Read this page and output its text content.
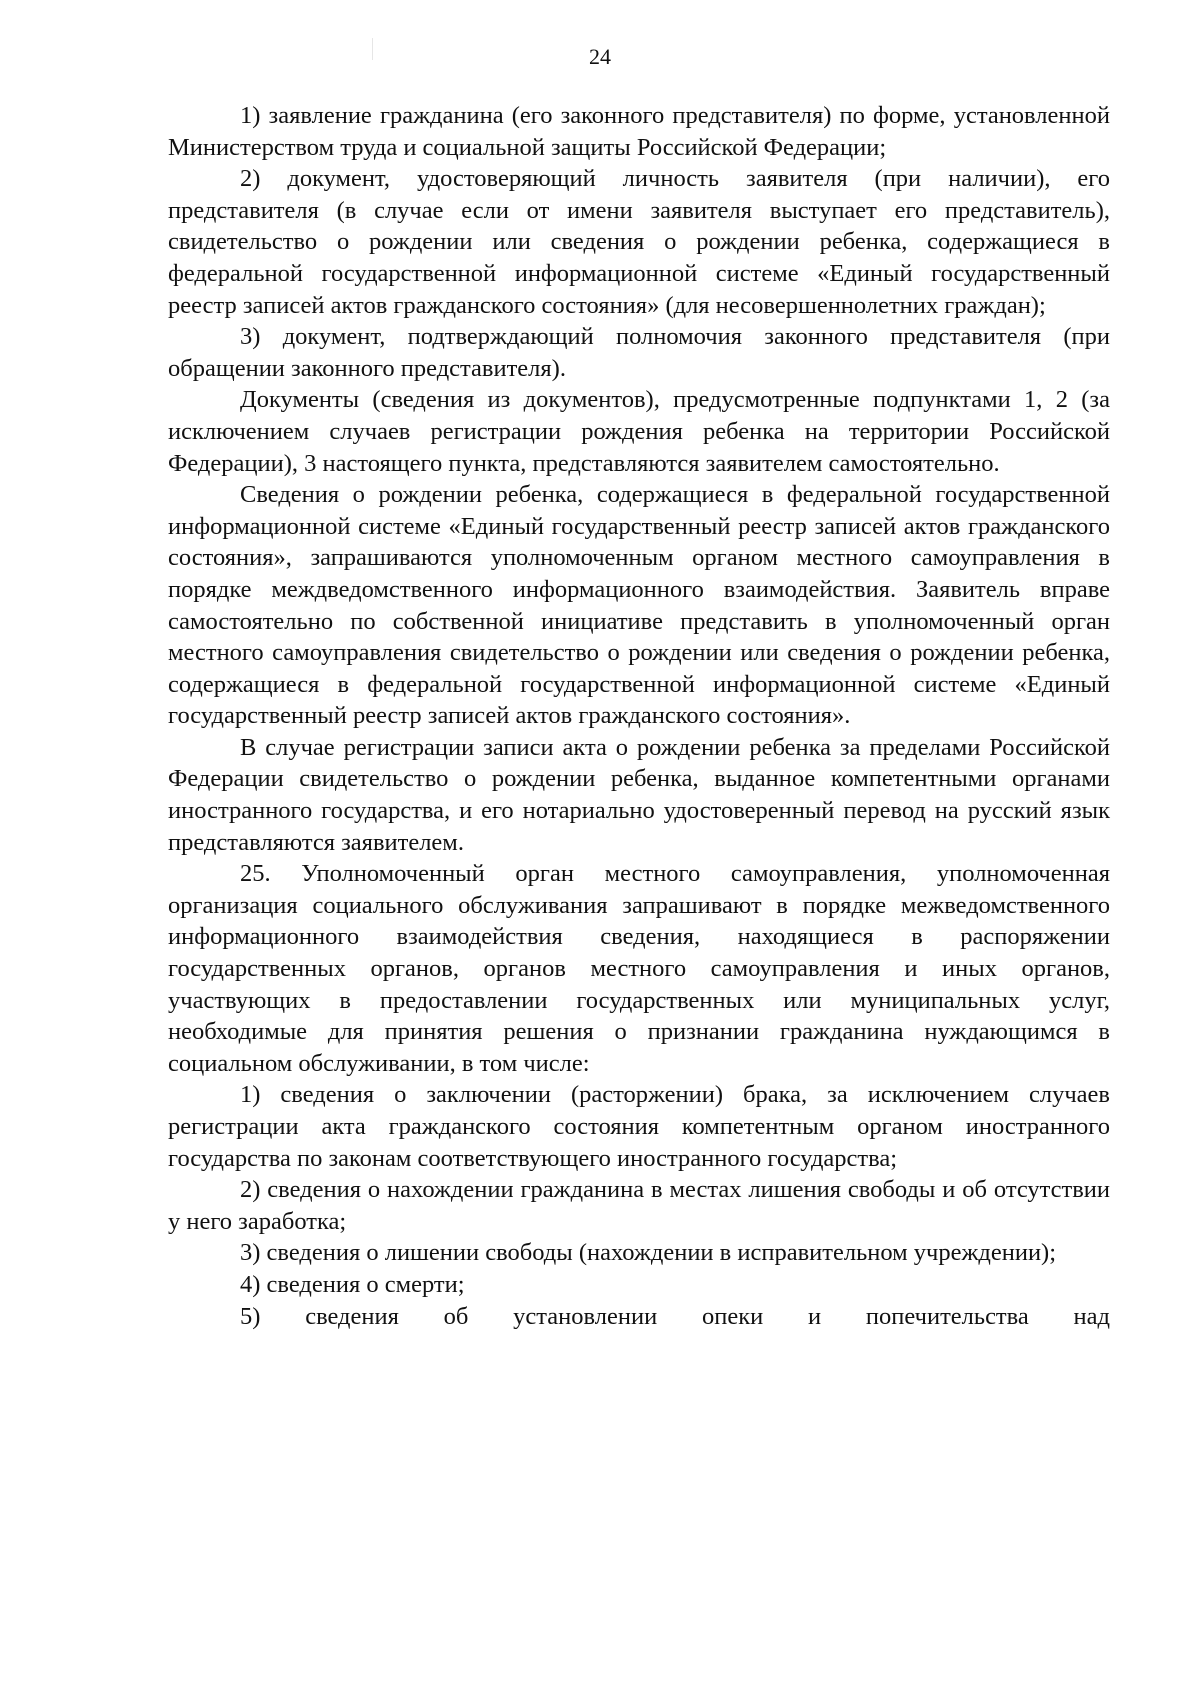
24

1) заявление гражданина (его законного представителя) по форме, установленной Министерством труда и социальной защиты Российской Федерации;

2) документ, удостоверяющий личность заявителя (при наличии), его представителя (в случае если от имени заявителя выступает его представитель), свидетельство о рождении или сведения о рождении ребенка, содержащиеся в федеральной государственной информационной системе «Единый государственный реестр записей актов гражданского состояния» (для несовершеннолетних граждан);

3) документ, подтверждающий полномочия законного представителя (при обращении законного представителя).

Документы (сведения из документов), предусмотренные подпунктами 1, 2 (за исключением случаев регистрации рождения ребенка на территории Российской Федерации), 3 настоящего пункта, представляются заявителем самостоятельно.

Сведения о рождении ребенка, содержащиеся в федеральной государственной информационной системе «Единый государственный реестр записей актов гражданского состояния», запрашиваются уполномоченным органом местного самоуправления в порядке междведомственного информационного взаимодействия. Заявитель вправе самостоятельно по собственной инициативе представить в уполномоченный орган местного самоуправления свидетельство о рождении или сведения о рождении ребенка, содержащиеся в федеральной государственной информационной системе «Единый государственный реестр записей актов гражданского состояния».

В случае регистрации записи акта о рождении ребенка за пределами Российской Федерации свидетельство о рождении ребенка, выданное компетентными органами иностранного государства, и его нотариально удостоверенный перевод на русский язык представляются заявителем.

25. Уполномоченный орган местного самоуправления, уполномоченная организация социального обслуживания запрашивают в порядке межведомственного информационного взаимодействия сведения, находящиеся в распоряжении государственных органов, органов местного самоуправления и иных органов, участвующих в предоставлении государственных или муниципальных услуг, необходимые для принятия решения о признании гражданина нуждающимся в социальном обслуживании, в том числе:

1) сведения о заключении (расторжении) брака, за исключением случаев регистрации акта гражданского состояния компетентным органом иностранного государства по законам соответствующего иностранного государства;

2) сведения о нахождении гражданина в местах лишения свободы и об отсутствии у него заработка;

3) сведения о лишении свободы (нахождении в исправительном учреждении);

4) сведения о смерти;

5) сведения об установлении опеки и попечительства над
